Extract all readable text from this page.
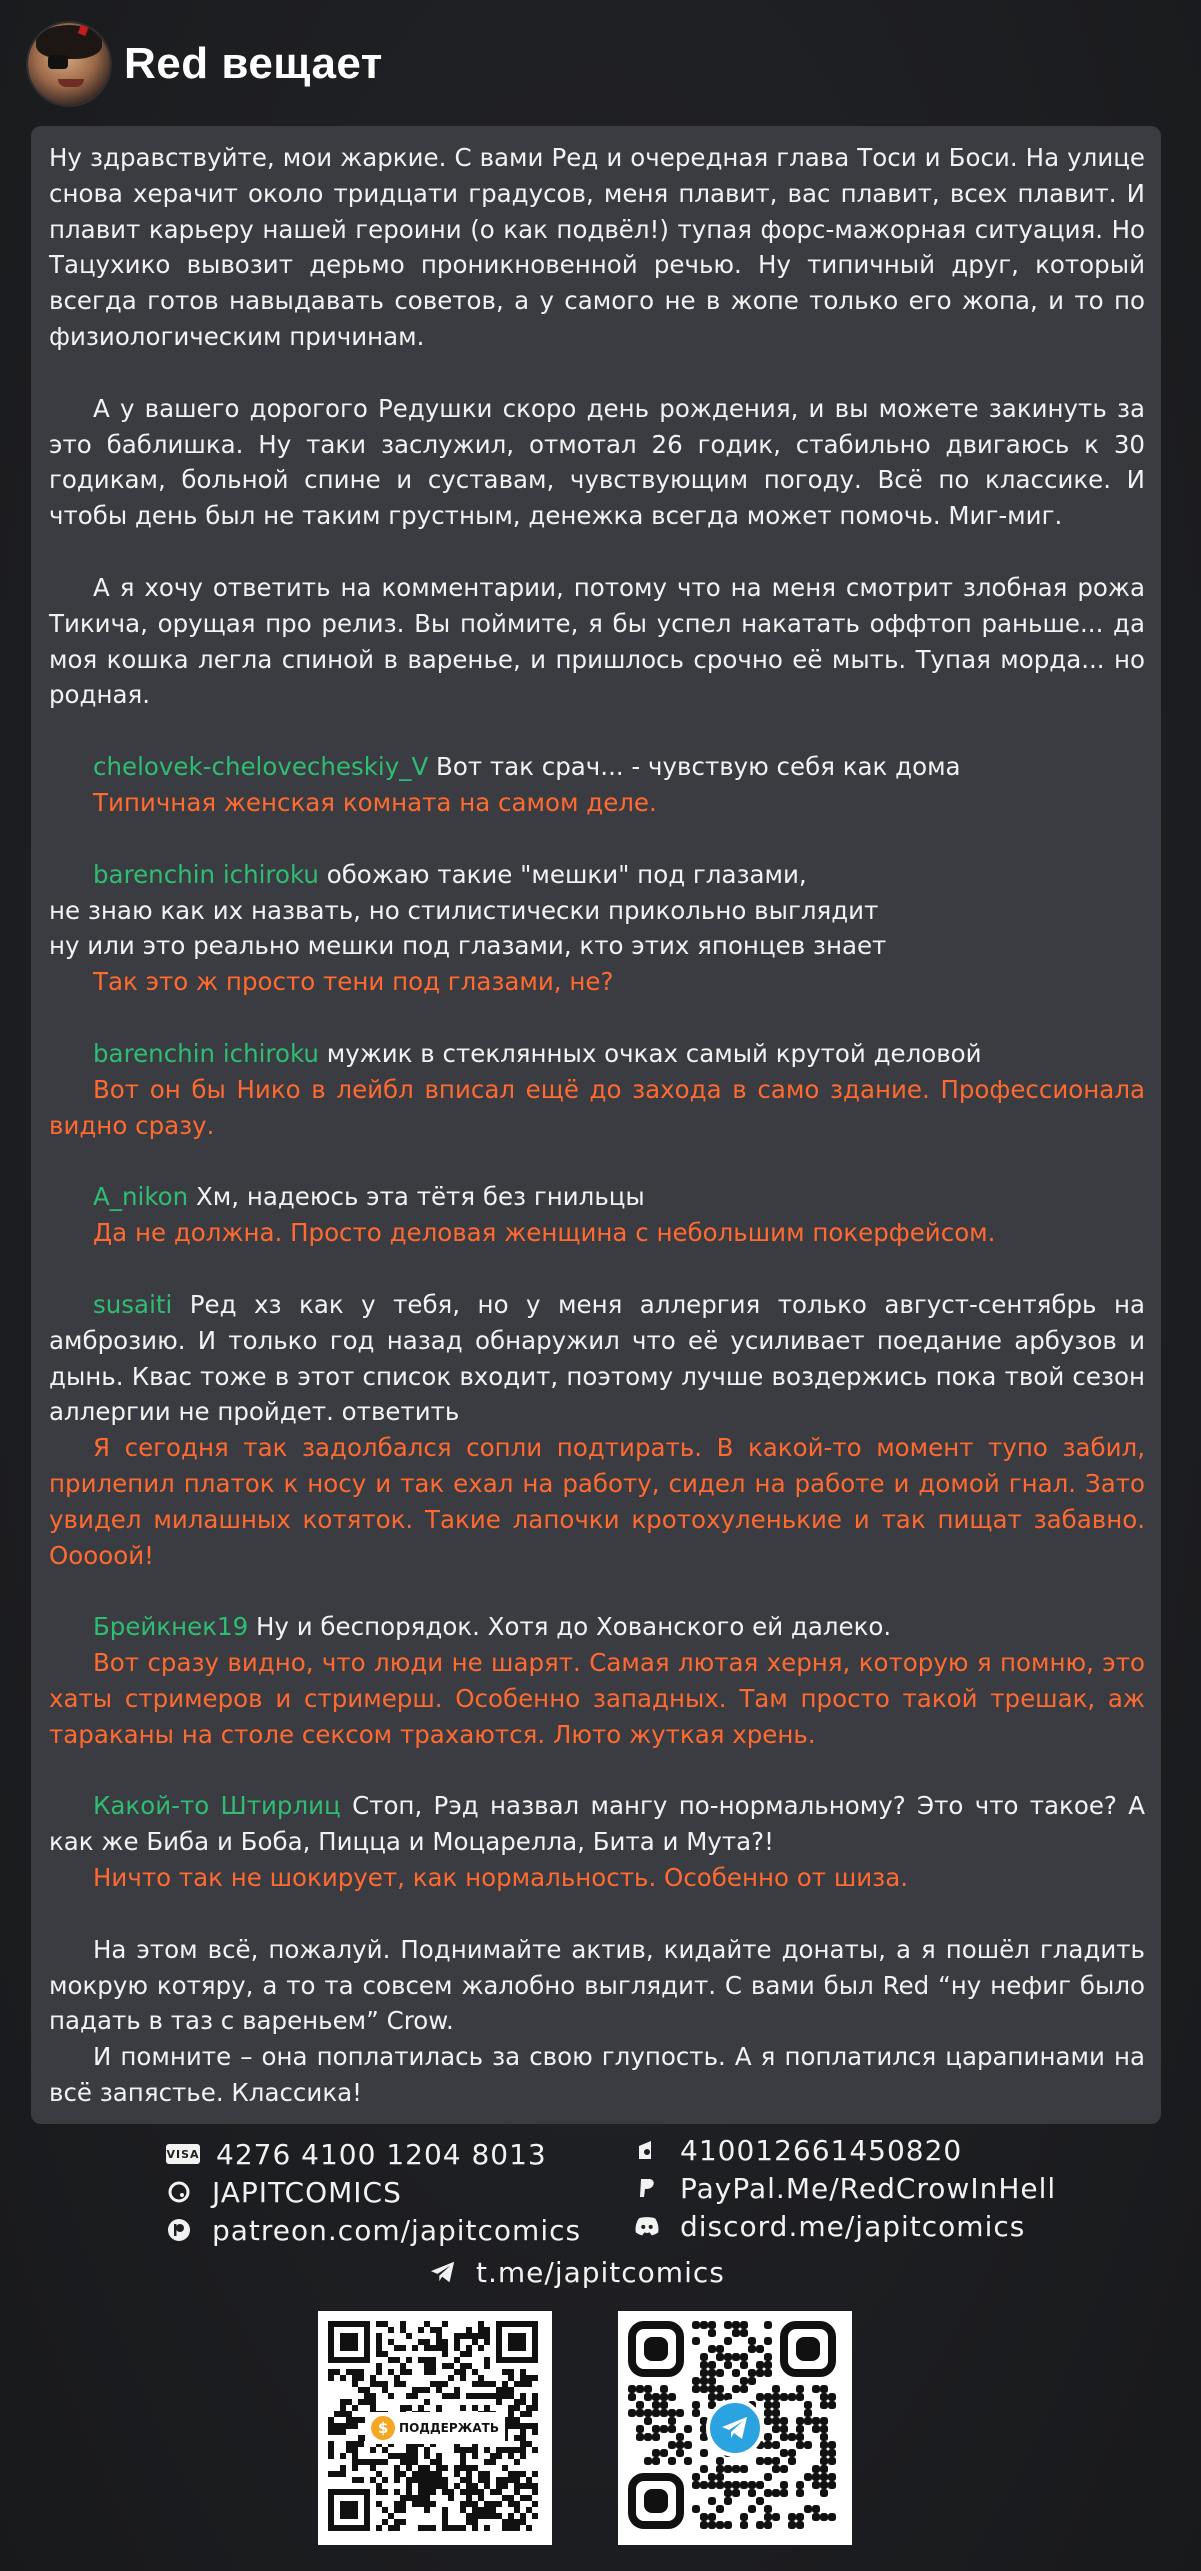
Red вещает

Ну здравствуйте, мои жаркие. С вами Ред и очередная глава Тоси и Боси. На улице снова херачит около тридцати градусов, меня плавит, вас плавит, всех плавит. И плавит карьеру нашей героини (о как подвёл!) тупая форс-мажорная ситуация. Но Тацухико вывозит дерьмо проникновенной речью. Ну типичный друг, который всегда готов навыдавать советов, а у самого не в жопе только его жопа, и то по физиологическим причинам.

А у вашего дорогого Редушки скоро день рождения, и вы можете закинуть за это баблишка. Ну таки заслужил, отмотал 26 годик, стабильно двигаюсь к 30 годикам, больной спине и суставам, чувствующим погоду. Всё по классике. И чтобы день был не таким грустным, денежка всегда может помочь. Миг-миг.

А я хочу ответить на комментарии, потому что на меня смотрит злобная рожа Тикича, орущая про релиз. Вы поймите, я бы успел накатать оффтоп раньше... да моя кошка легла спиной в варенье, и пришлось срочно её мыть. Тупая морда... но родная.

chelovek-chelovecheskiy_V Вот так срач... - чувствую себя как дома

Типичная женская комната на самом деле.

barenchin ichiroku обожаю такие "мешки" под глазами,

не знаю как их назвать, но стилистически прикольно выглядит

ну или это реально мешки под глазами, кто этих японцев знает

Так это ж просто тени под глазами, не?

barenchin ichiroku мужик в стеклянных очках самый крутой деловой

Вот он бы Нико в лейбл вписал ещё до захода в само здание. Профессионала видно сразу.

A_nikon Хм, надеюсь эта тётя без гнильцы

Да не должна. Просто деловая женщина с небольшим покерфейсом.

susaiti Ред хз как у тебя, но у меня аллергия только август-сентябрь на амброзию. И только год назад обнаружил что её усиливает поедание арбузов и дынь. Квас тоже в этот список входит, поэтому лучше воздержись пока твой сезон аллергии не пройдет. ответить

Я сегодня так задолбался сопли подтирать. В какой-то момент тупо забил, прилепил платок к носу и так ехал на работу, сидел на работе и домой гнал. Зато увидел милашных котяток. Такие лапочки кротохуленькие и так пищат забавно. Ооооой!

Брейкнек19 Ну и беспорядок. Хотя до Хованского ей далеко.

Вот сразу видно, что люди не шарят. Самая лютая херня, которую я помню, это хаты стримеров и стримерш. Особенно западных. Там просто такой трешак, аж тараканы на столе сексом трахаются. Люто жуткая хрень.

Какой-то Штирлиц Стоп, Рэд назвал мангу по-нормальному? Это что такое? А как же Биба и Боба, Пицца и Моцарелла, Бита и Мута?!

Ничто так не шокирует, как нормальность. Особенно от шиза.

На этом всё, пожалуй. Поднимайте актив, кидайте донаты, а я пошёл гладить мокрую котяру, а то та совсем жалобно выглядит. С вами был Red “ну нефиг было падать в таз с вареньем” Crow.

И помните – она поплатилась за свою глупость. А я поплатился царапинами на всё запястье. Классика!

VISA 4276 4100 1204 8013
JAPITCOMICS
patreon.com/japitcomics
410012661450820
PayPal.Me/RedCrowInHell
discord.me/japitcomics
t.me/japitcomics
$ ПОДДЕРЖАТЬ
